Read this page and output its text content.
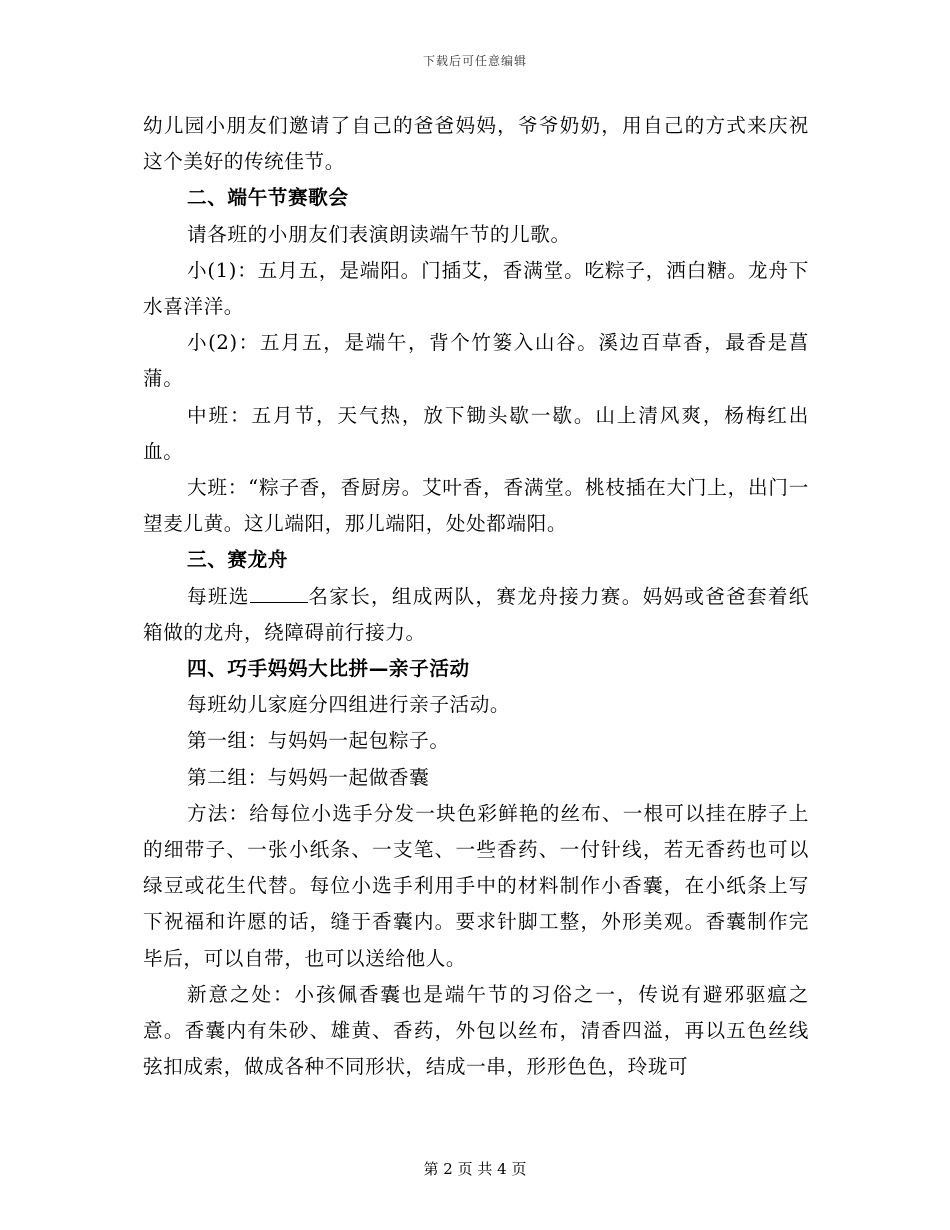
下载后可任意编辑

幼儿园小朋友们邀请了自己的爸爸妈妈，爷爷奶奶，用自己的方式来庆祝这个美好的传统佳节。

二、端午节赛歌会

请各班的小朋友们表演朗读端午节的儿歌。

小(1)：五月五，是端阳。门插艾，香满堂。吃粽子，洒白糖。龙舟下水喜洋洋。

小(2)：五月五，是端午，背个竹篓入山谷。溪边百草香，最香是菖蒲。

中班：五月节，天气热，放下锄头歇一歇。山上清风爽，杨梅红出血。

大班：“粽子香，香厨房。艾叶香，香满堂。桃枝插在大门上，出门一望麦儿黄。这儿端阳，那儿端阳，处处都端阳。

三、赛龙舟

每班选	名家长，组成两队，赛龙舟接力赛。妈妈或爸爸套着纸箱做的龙舟，绕障碍前行接力。

四、巧手妈妈大比拼—亲子活动

每班幼儿家庭分四组进行亲子活动。

第一组：与妈妈一起包粽子。

第二组：与妈妈一起做香囊

方法：给每位小选手分发一块色彩鲜艳的丝布、一根可以挂在脖子上的细带子、一张小纸条、一支笔、一些香药、一付针线，若无香药也可以绿豆或花生代替。每位小选手利用手中的材料制作小香囊，在小纸条上写下祝福和许愿的话，缝于香囊内。要求针脚工整，外形美观。香囊制作完毕后，可以自带，也可以送给他人。

新意之处：小孩佩香囊也是端午节的习俗之一，传说有避邪驱瘟之意。香囊内有朱砂、雄黄、香药，外包以丝布，清香四溢，再以五色丝线弦扣成索，做成各种不同形状，结成一串，形形色色，玲珑可

第 2 页 共 4 页
